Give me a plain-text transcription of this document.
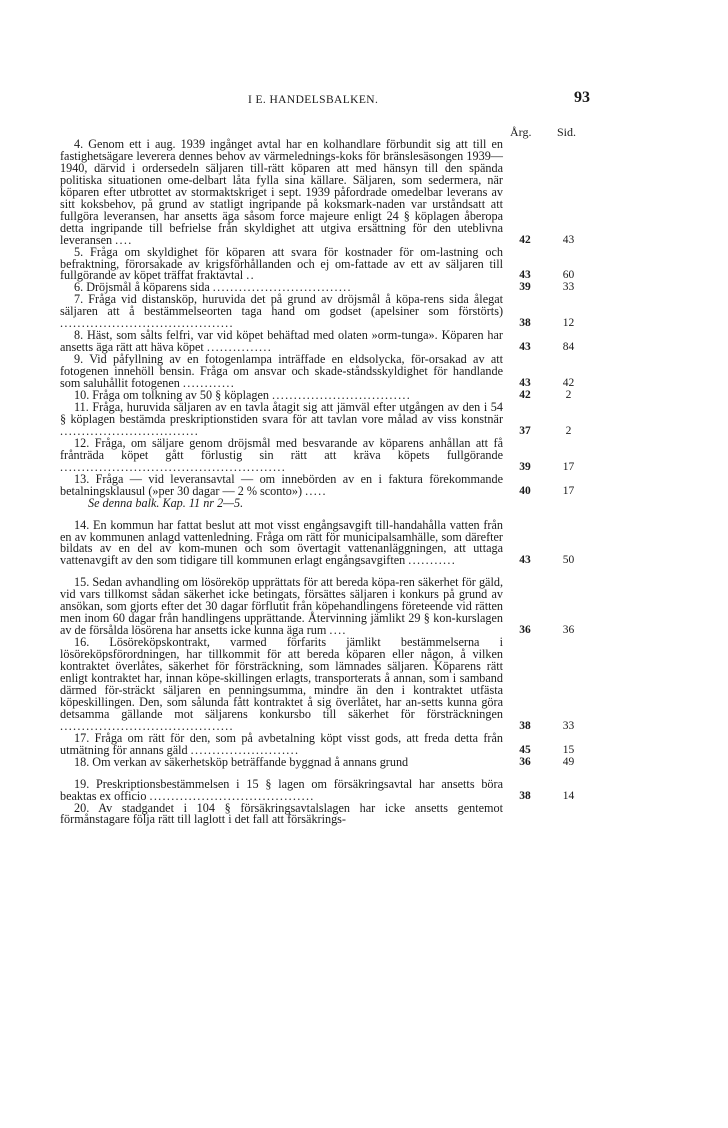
I E. HANDELSBALKEN.	93
Årg. Sid.
4. Genom ett i aug. 1939 ingånget avtal har en kolhandlare förbundit sig att till en fastighetsägare leverera dennes behov av värmelednings-koks för bränslesäsongen 1939—1940, därvid i ordersedeln säljaren till-rätt köparen att med hänsyn till den spända politiska situationen ome-delbart låta fylla sina källare. Säljaren, som sedermera, när köparen efter utbrottet av stormaktskriget i sept. 1939 påfordrade omedelbar leverans av sitt koksbehov, på grund av statligt ingripande på koksmark-naden var urståndsatt att fullgöra leveransen, har ansetts äga såsom force majeure enligt 24 § köplagen åberopa detta ingripande till befrielse från skyldighet att utgiva ersättning för den uteblivna leveransen ....	42	43
5. Fråga om skyldighet för köparen att svara för kostnader för om-lastning och befraktning, förorsakade av krigsförhållanden och ej om-fattade av ett av säljaren till fullgörande av köpet träffat fraktavtal ..	43	60
6. Dröjsmål å köparens sida ................................	39	33
7. Fråga vid distansköp, huruvida det på grund av dröjsmål å köpa-rens sida ålegat säljaren att å bestämmelseorten taga hand om godset (apelsiner som förstörts) ........................................	38	12
8. Häst, som sålts felfri, var vid köpet behäftad med olaten »orm-tunga». Köparen har ansetts äga rätt att häva köpet ...............	43	84
9. Vid påfyllning av en fotogenlampa inträffade en eldsolycka, för-orsakad av att fotogenen innehöll bensin. Fråga om ansvar och skade-ståndsskyldighet för handlande som saluhållit fotogenen ............	43	42
10. Fråga om tolkning av 50 § köplagen ................................	42	2
11. Fråga, huruvida säljaren av en tavla åtagit sig att jämväl efter utgången av den i 54 § köplagen bestämda preskriptionstiden svara för att tavlan vore målad av viss konstnär ................................	37	2
12. Fråga, om säljare genom dröjsmål med besvarande av köparens anhållan att få frånträda köpet gått förlustig sin rätt att kräva köpets fullgörande ....................................................	39	17
13. Fråga — vid leveransavtal — om innebörden av en i faktura förekommande betalningsklausul (»per 30 dagar — 2 % sconto») .....	40	17
Se denna balk. Kap. 11 nr 2—5.
14. En kommun har fattat beslut att mot visst engångsavgift till-handahålla vatten från en av kommunen anlagd vattenledning. Fråga om rätt för municipalsamhälle, som därefter bildats av en del av kom-munen och som övertagit vattenanläggningen, att uttaga vattenavgift av den som tidigare till kommunen erlagt engångsavgiften ...........	43	50
15. Sedan avhandling om lösöreköp upprättats för att bereda köpa-ren säkerhet för gäld, vid vars tillkomst sådan säkerhet icke betingats, försättes säljaren i konkurs på grund av ansökan, som gjorts efter det 30 dagar förflutit från köpehandlingens företeende vid rätten men inom 60 dagar från handlingens upprättande. Återvinning jämlikt 29 § kon-kurslagen av de försålda lösörena har ansetts icke kunna äga rum ....	36	36
16. Lösöreköpskontrakt, varmed förfarits jämlikt bestämmelserna i lösöreköpsförordningen, har tillkommit för att bereda köparen eller någon, å vilken kontraktet överlåtes, säkerhet för försträckning, som lämnades säljaren. Köparens rätt enligt kontraktet har, innan köpe-skillingen erlagts, transporterats å annan, som i samband därmed för-sträckt säljaren en penningsumma, mindre än den i kontraktet utfästa köpeskillingen. Den, som sålunda fått kontraktet å sig överlåtet, har an-setts kunna göra detsamma gällande mot säljarens konkursbo till säkerhet för försträckningen ........................................	38	33
17. Fråga om rätt för den, som på avbetalning köpt visst gods, att freda detta från utmätning för annans gäld .........................	45	15
18. Om verkan av säkerhetsköp beträffande byggnad å annans grund	36	49
19. Preskriptionsbestämmelsen i 15 § lagen om försäkringsavtal har ansetts böra beaktas ex officio ......................................	38	14
20. Av stadgandet i 104 § försäkringsavtalslagen har icke ansetts gentemot förmånstagare följa rätt till laglott i det fall att försäkrings-
